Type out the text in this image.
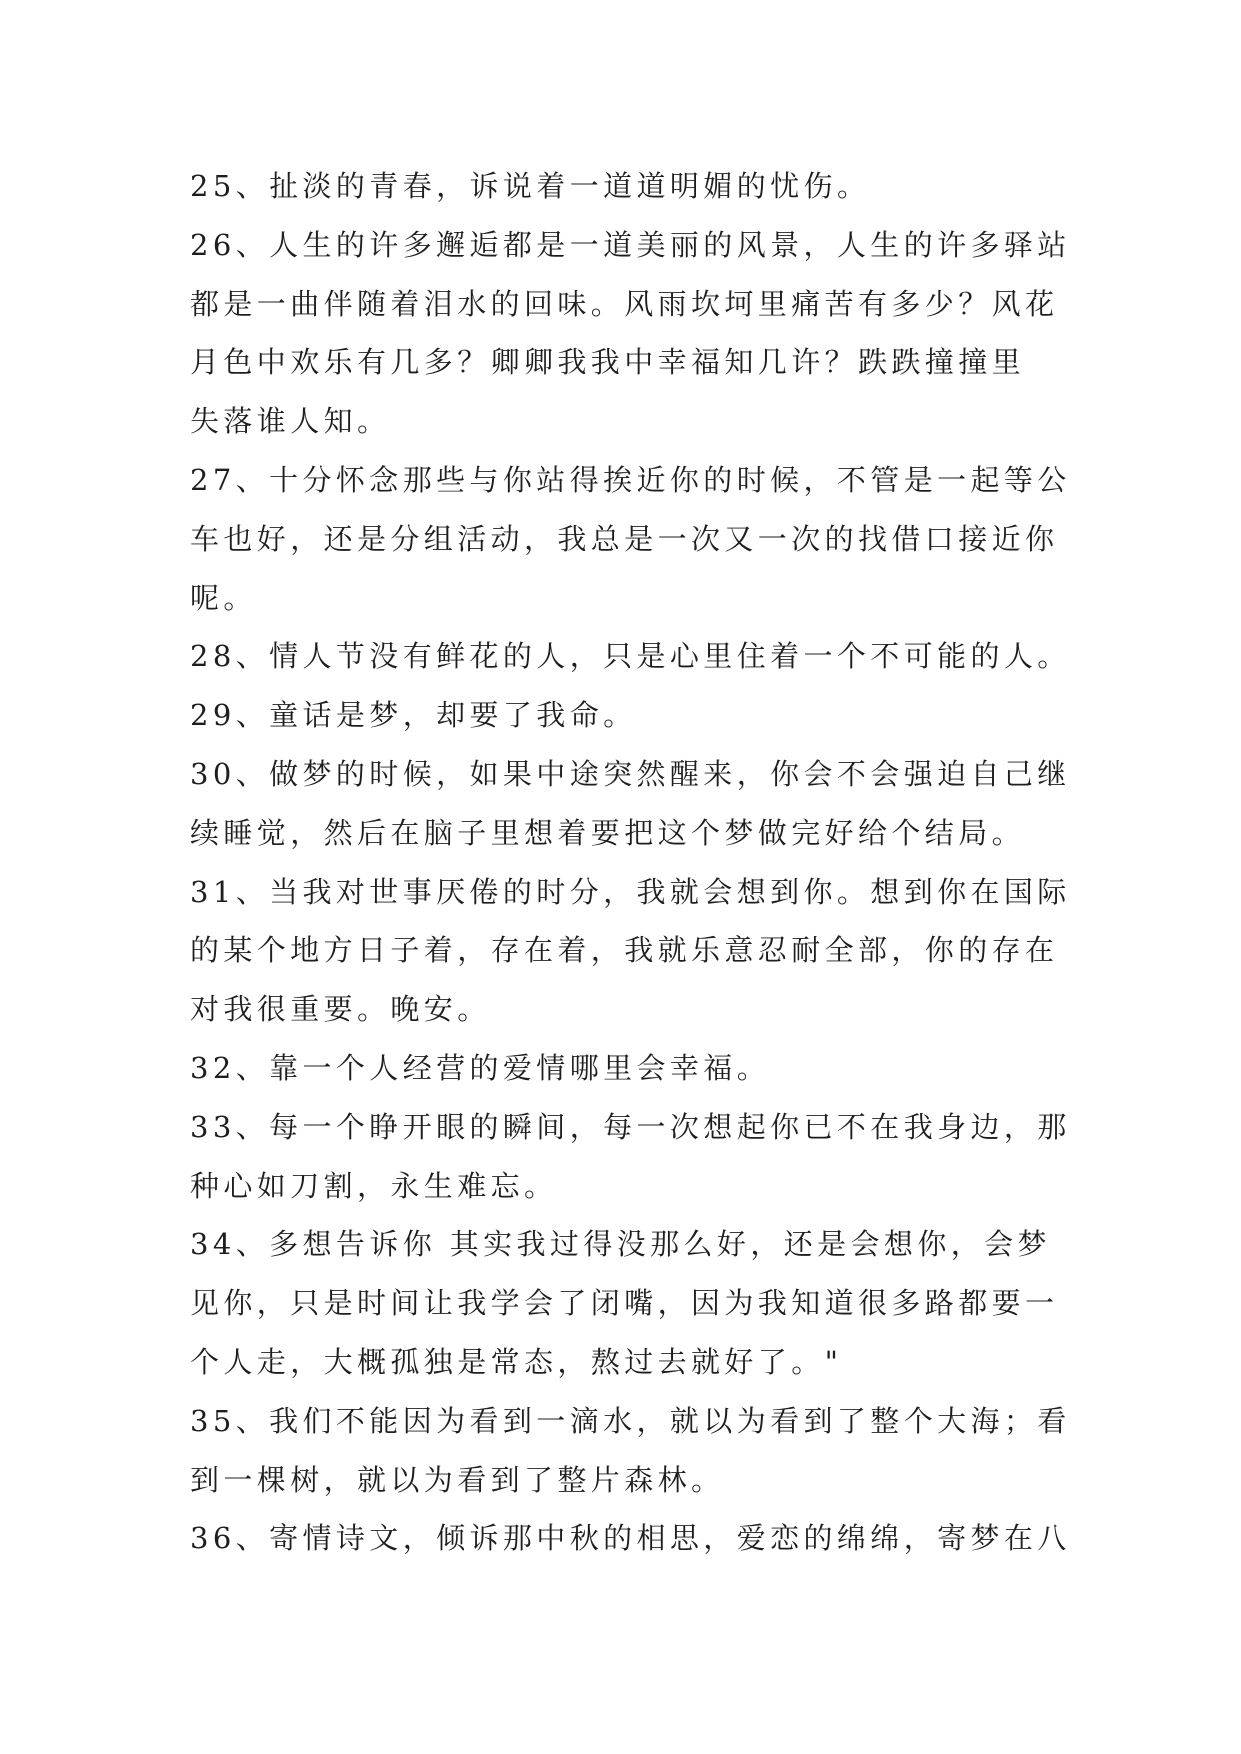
25、扯淡的青春，诉说着一道道明媚的忧伤。
26、人生的许多邂逅都是一道美丽的风景，人生的许多驿站
都是一曲伴随着泪水的回味。风雨坎坷里痛苦有多少？风花
月色中欢乐有几多？卿卿我我中幸福知几许？跌跌撞撞里
失落谁人知。
27、十分怀念那些与你站得挨近你的时候，不管是一起等公
车也好，还是分组活动，我总是一次又一次的找借口接近你
呢。
28、情人节没有鲜花的人，只是心里住着一个不可能的人。
29、童话是梦，却要了我命。
30、做梦的时候，如果中途突然醒来，你会不会强迫自己继
续睡觉，然后在脑子里想着要把这个梦做完好给个结局。
31、当我对世事厌倦的时分，我就会想到你。想到你在国际
的某个地方日子着，存在着，我就乐意忍耐全部，你的存在
对我很重要。晚安。
32、靠一个人经营的爱情哪里会幸福。
33、每一个睁开眼的瞬间，每一次想起你已不在我身边，那
种心如刀割，永生难忘。
34、多想告诉你 其实我过得没那么好，还是会想你，会梦
见你，只是时间让我学会了闭嘴，因为我知道很多路都要一
个人走，大概孤独是常态，熬过去就好了。"
35、我们不能因为看到一滴水，就以为看到了整个大海；看
到一棵树，就以为看到了整片森林。
36、寄情诗文，倾诉那中秋的相思，爱恋的绵绵，寄梦在八
